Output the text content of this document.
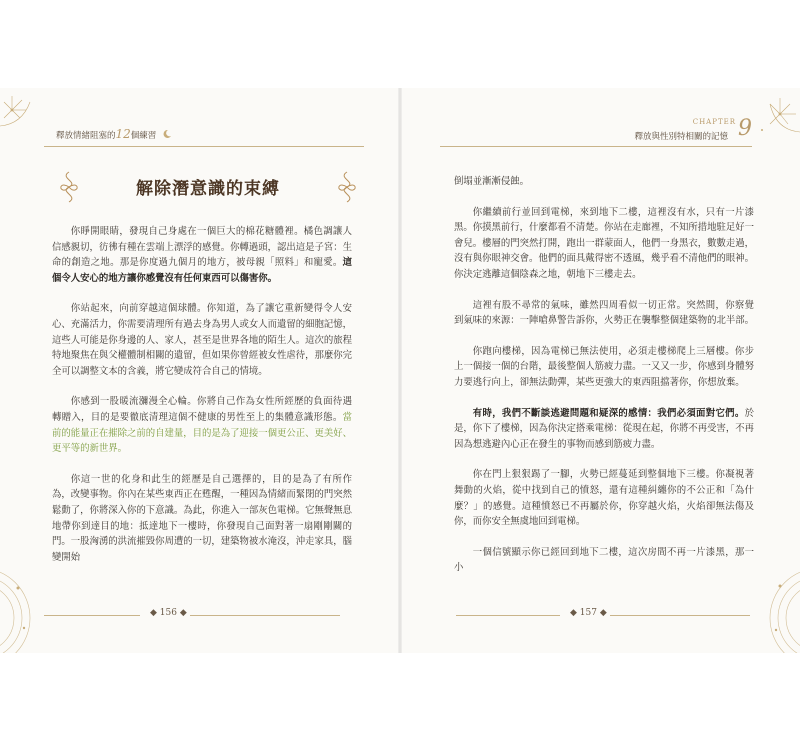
釋放情緒阻塞的12個練習
解除潛意識的束縛

你睜開眼睛，發現自己身處在一個巨大的棉花糖體裡。橘色調讓人信感親切，彷彿有種在雲端上漂浮的感覺。你轉過頭，認出這是子宮：生命的創造之地。那是你度過九個月的地方，被母親「照料」和寵愛。這個令人安心的地方讓你感覺沒有任何東西可以傷害你。

你站起來，向前穿越這個球體。你知道，為了讓它重新變得令人安心、充滿活力，你需要清理所有過去身為男人或女人而遺留的細胞記憶，這些人可能是你身邊的人、家人，甚至是世界各地的陌生人。這次的旅程特地聚焦在與父權體制相關的遺留，但如果你曾經被女性虐待，那麼你完全可以調整文本的含義，將它變成符合自己的情境。

你感到一股暖流瀰漫全心輪。你將自己作為女性所經歷的負面待遇轉贈入，目的是要徹底清理這個不健康的男性至上的集體意識形態。當前的能量正在摧除之前的自建量，目的是為了迎接一個更公正、更美好、更平等的新世界。

你這一世的化身和此生的經歷是自己選擇的，目的是為了有所作為，改變事物。你內在某些東西正在甦醒，一種因為情緒而緊閉的門突然鬆動了，你將深入你的下意識。為此，你進入一部灰色電梯。它無聲無息地帶你到達目的地：抵達地下一樓時，你發現自己面對著一扇剛剛關的門。一股洶湧的洪流摧毀你周遭的一切，建築物被水淹沒，沖走家具，腦變開始

◆ 156 ◆
CHAPTER9
釋放與性別特相關的記憶

倒塌並漸漸侵蝕。

你繼續前行並回到電梯，來到地下二樓，這裡沒有水，只有一片漆黑。你摸黑前行，什麼都看不清楚。你站在走廊裡，不知所措地駐足好一會兒。樓層的門突然打開，跑出一群蒙面人，他們一身黑衣，數數走過，沒有與你眼神交會。他們的面具戴得密不透風，幾乎看不清他們的眼神。你決定逃離這個陰森之地，朝地下三樓走去。

這裡有股不尋常的氣味，雖然四周看似一切正常。突然間，你察覺到氣味的來源：一陣嗆鼻警告訴你，火勢正在襲擊整個建築物的北半部。

你跑向樓梯，因為電梯已無法使用，必須走樓梯爬上三層樓。你步上一個接一個的台階，最後整個人筋疲力盡。一又又一步，你感到身體努力要逃行向上，卻無法動彈，某些更強大的東西阻擋著你，你想放棄。

有時，我們不斷談逃避問題和疑深的感情：我們必須面對它們。於是，你下了樓梯，因為你決定搭乘電梯：從現在起，你將不再受害，不再因為想逃避內心正在發生的事物而感到筋疲力盡。

你在門上狠狠踢了一腳，火勢已經蔓延到整個地下三樓。你凝視著舞動的火焰，從中找到自己的憤怒，還有這種糾纏你的不公正和「為什麼？」的感覺。這種憤怒已不再屬於你，你穿越火焰，火焰卻無法傷及你，而你安全無虞地回到電梯。

一個信號顯示你已經回到地下二樓，這次房間不再一片漆黑，那一小

◆ 157 ◆
